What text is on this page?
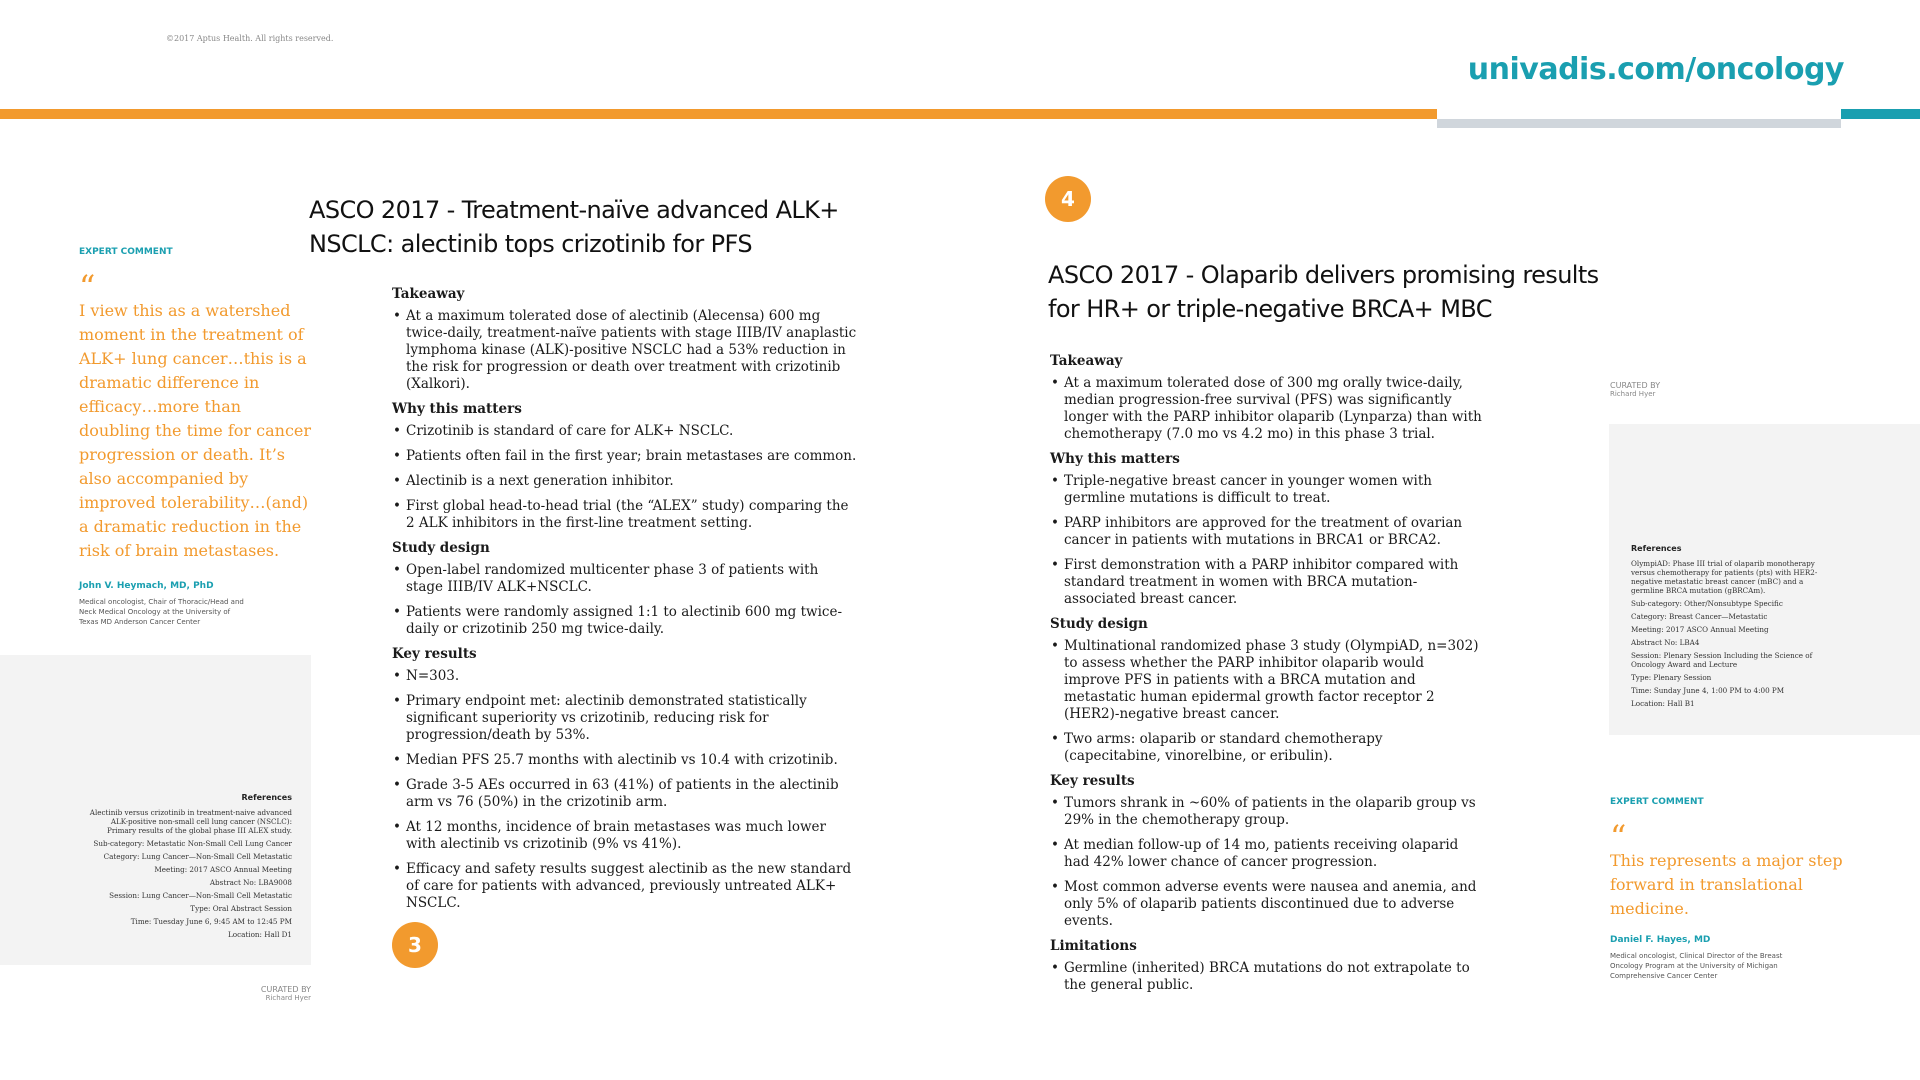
©2017 Aptus Health. All rights reserved.
univadis.com/oncology
EXPERT COMMENT
“
I view this as a watershed moment in the treatment of ALK+ lung cancer…this is a dramatic difference in efficacy…more than doubling the time for cancer progression or death. It’s also accompanied by improved tolerability…(and) a dramatic reduction in the risk of brain metastases.
John V. Heymach, MD, PhD
Medical oncologist, Chair of Thoracic/Head and Neck Medical Oncology at the University of Texas MD Anderson Cancer Center
References
Alectinib versus crizotinib in treatment-naive advanced ALK-positive non-small cell lung cancer (NSCLC): Primary results of the global phase III ALEX study.
Sub-category: Metastatic Non-Small Cell Lung Cancer
Category: Lung Cancer—Non-Small Cell Metastatic
Meeting: 2017 ASCO Annual Meeting
Abstract No: LBA9008
Session: Lung Cancer—Non-Small Cell Metastatic
Type: Oral Abstract Session
Time: Tuesday June 6, 9:45 AM to 12:45 PM
Location: Hall D1
CURATED BY
Richard Hyer
ASCO 2017 - Treatment-naïve advanced ALK+ NSCLC: alectinib tops crizotinib for PFS
Takeaway
• At a maximum tolerated dose of alectinib (Alecensa) 600 mg twice-daily, treatment-naïve patients with stage IIIB/IV anaplastic lymphoma kinase (ALK)-positive NSCLC had a 53% reduction in the risk for progression or death over treatment with crizotinib (Xalkori).
Why this matters
• Crizotinib is standard of care for ALK+ NSCLC.
• Patients often fail in the first year; brain metastases are common.
• Alectinib is a next generation inhibitor.
• First global head-to-head trial (the “ALEX” study) comparing the 2 ALK inhibitors in the first-line treatment setting.
Study design
• Open-label randomized multicenter phase 3 of patients with stage IIIB/IV ALK+NSCLC.
• Patients were randomly assigned 1:1 to alectinib 600 mg twice-daily or crizotinib 250 mg twice-daily.
Key results
• N=303.
• Primary endpoint met: alectinib demonstrated statistically significant superiority vs crizotinib, reducing risk for progression/death by 53%.
• Median PFS 25.7 months with alectinib vs 10.4 with crizotinib.
• Grade 3-5 AEs occurred in 63 (41%) of patients in the alectinib arm vs 76 (50%) in the crizotinib arm.
• At 12 months, incidence of brain metastases was much lower with alectinib vs crizotinib (9% vs 41%).
• Efficacy and safety results suggest alectinib as the new standard of care for patients with advanced, previously untreated ALK+ NSCLC.
3
4
ASCO 2017 - Olaparib delivers promising results for HR+ or triple-negative BRCA+ MBC
Takeaway
• At a maximum tolerated dose of 300 mg orally twice-daily, median progression-free survival (PFS) was significantly longer with the PARP inhibitor olaparib (Lynparza) than with chemotherapy (7.0 mo vs 4.2 mo) in this phase 3 trial.
Why this matters
• Triple-negative breast cancer in younger women with germline mutations is difficult to treat.
• PARP inhibitors are approved for the treatment of ovarian cancer in patients with mutations in BRCA1 or BRCA2.
• First demonstration with a PARP inhibitor compared with standard treatment in women with BRCA mutation-associated breast cancer.
Study design
• Multinational randomized phase 3 study (OlympiAD, n=302) to assess whether the PARP inhibitor olaparib would improve PFS in patients with a BRCA mutation and metastatic human epidermal growth factor receptor 2 (HER2)-negative breast cancer.
• Two arms: olaparib or standard chemotherapy (capecitabine, vinorelbine, or eribulin).
Key results
• Tumors shrank in ~60% of patients in the olaparib group vs 29% in the chemotherapy group.
• At median follow-up of 14 mo, patients receiving olaparid had 42% lower chance of cancer progression.
• Most common adverse events were nausea and anemia, and only 5% of olaparib patients discontinued due to adverse events.
Limitations
• Germline (inherited) BRCA mutations do not extrapolate to the general public.
CURATED BY
Richard Hyer
References
OlympiAD: Phase III trial of olaparib monotherapy versus chemotherapy for patients (pts) with HER2-negative metastatic breast cancer (mBC) and a germline BRCA mutation (gBRCAm).
Sub-category: Other/Nonsubtype Specific
Category: Breast Cancer—Metastatic
Meeting: 2017 ASCO Annual Meeting
Abstract No: LBA4
Session: Plenary Session Including the Science of Oncology Award and Lecture
Type: Plenary Session
Time: Sunday June 4, 1:00 PM to 4:00 PM
Location: Hall B1
EXPERT COMMENT
“
This represents a major step forward in translational medicine.
Daniel F. Hayes, MD
Medical oncologist, Clinical Director of the Breast Oncology Program at the University of Michigan Comprehensive Cancer Center
